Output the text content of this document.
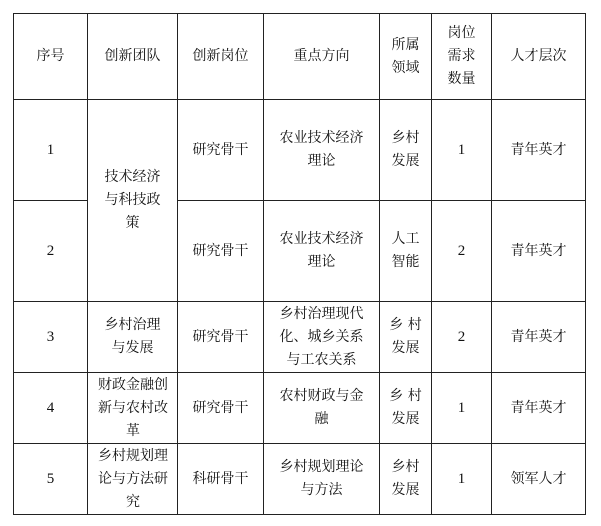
序号	创新团队	创新岗位	重点方向	所属领域	岗位需求数量	人才层次
1	技术经济与科技政策	研究骨干	农业技术经济理论	乡村发展	1	青年英才
2		研究骨干	农业技术经济理论	人工智能	2	青年英才
3	乡村治理与发展	研究骨干	乡村治理现代化、城乡关系与工农关系	乡 村发展	2	青年英才
4	财政金融创新与农村改革	研究骨干	农村财政与金融	乡 村发展	1	青年英才
5	乡村规划理论与方法研究	科研骨干	乡村规划理论与方法	乡村发展	1	领军人才
